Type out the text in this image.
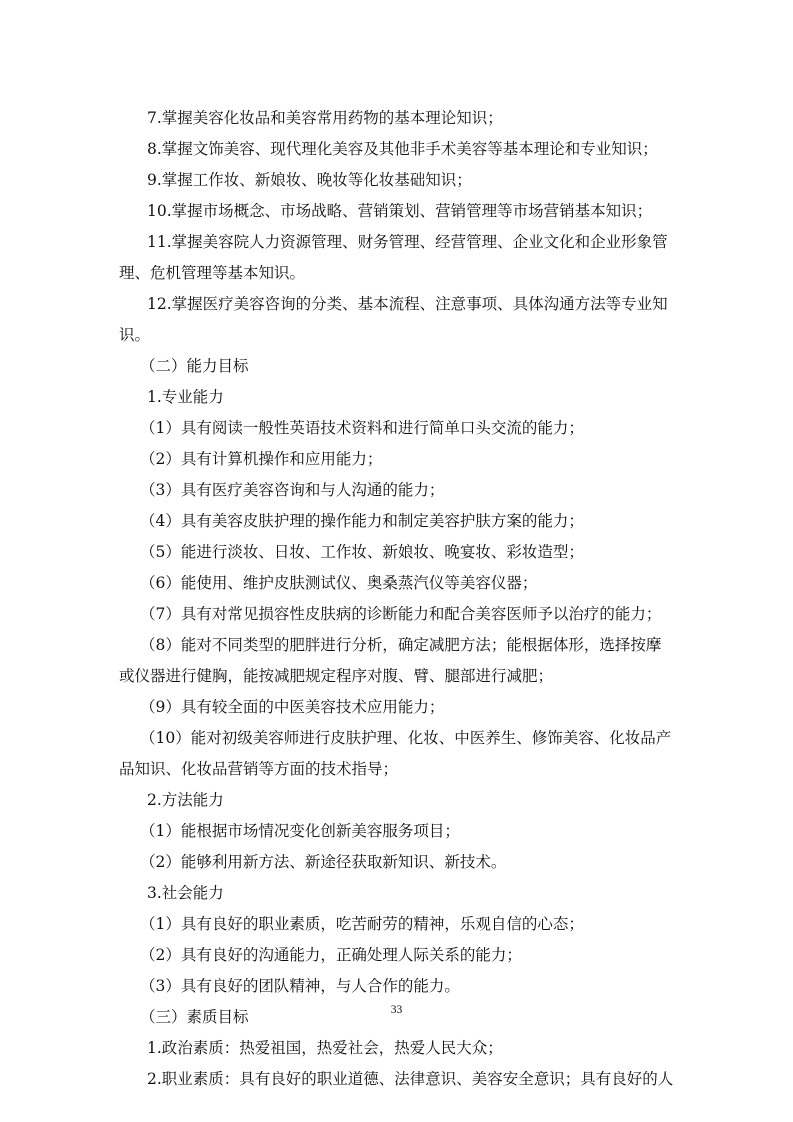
7.掌握美容化妆品和美容常用药物的基本理论知识；
8.掌握文饰美容、现代理化美容及其他非手术美容等基本理论和专业知识；
9.掌握工作妆、新娘妆、晚妆等化妆基础知识；
10.掌握市场概念、市场战略、营销策划、营销管理等市场营销基本知识；
11.掌握美容院人力资源管理、财务管理、经营管理、企业文化和企业形象管
理、危机管理等基本知识。
12.掌握医疗美容咨询的分类、基本流程、注意事项、具体沟通方法等专业知
识。
（二）能力目标
1.专业能力
（1）具有阅读一般性英语技术资料和进行简单口头交流的能力；
（2）具有计算机操作和应用能力；
（3）具有医疗美容咨询和与人沟通的能力；
（4）具有美容皮肤护理的操作能力和制定美容护肤方案的能力；
（5）能进行淡妆、日妆、工作妆、新娘妆、晚宴妆、彩妆造型；
（6）能使用、维护皮肤测试仪、奥桑蒸汽仪等美容仪器；
（7）具有对常见损容性皮肤病的诊断能力和配合美容医师予以治疗的能力；
（8）能对不同类型的肥胖进行分析，确定减肥方法；能根据体形，选择按摩
或仪器进行健胸，能按减肥规定程序对腹、臂、腿部进行减肥；
（9）具有较全面的中医美容技术应用能力；
（10）能对初级美容师进行皮肤护理、化妆、中医养生、修饰美容、化妆品产
品知识、化妆品营销等方面的技术指导；
2.方法能力
（1）能根据市场情况变化创新美容服务项目；
（2）能够利用新方法、新途径获取新知识、新技术。
3.社会能力
（1）具有良好的职业素质，吃苦耐劳的精神，乐观自信的心态；
（2）具有良好的沟通能力，正确处理人际关系的能力；
（3）具有良好的团队精神，与人合作的能力。
（三）素质目标
1.政治素质：热爱祖国，热爱社会，热爱人民大众；
2.职业素质：具有良好的职业道德、法律意识、美容安全意识；具有良好的人
33
